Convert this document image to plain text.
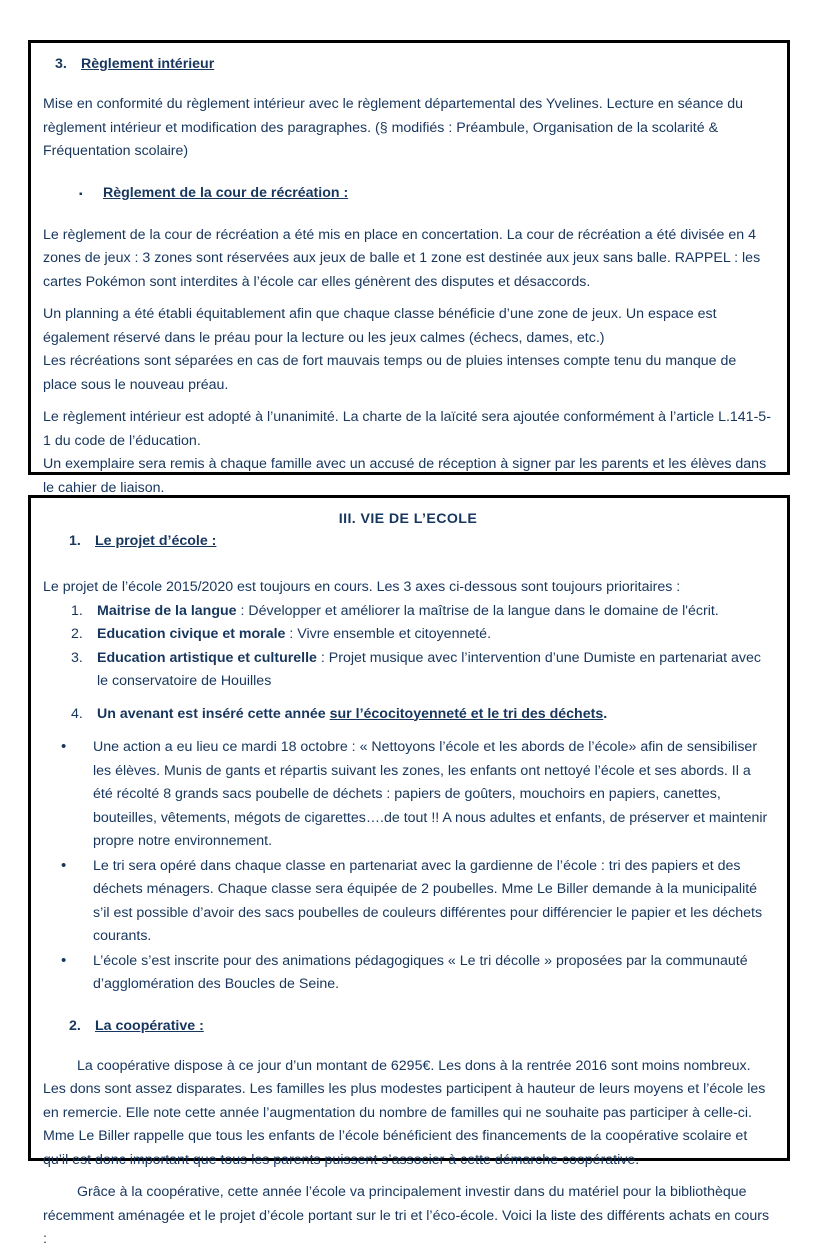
3. Règlement intérieur

Mise en conformité du règlement intérieur avec le règlement départemental des Yvelines. Lecture en séance du règlement intérieur et modification des paragraphes. (§ modifiés : Préambule, Organisation de la scolarité & Fréquentation scolaire)

▪	Règlement de la cour de récréation :

Le règlement de la cour de récréation a été mis en place en concertation. La cour de récréation a été divisée en 4 zones de jeux : 3 zones sont réservées aux jeux de balle et 1 zone est destinée aux jeux sans balle. RAPPEL : les cartes Pokémon sont interdites à l’école car elles génèrent des disputes et désaccords.

Un planning a été établi équitablement afin que chaque classe bénéficie d’une zone de jeux. Un espace est également réservé dans le préau pour la lecture ou les jeux calmes (échecs, dames, etc.)

Les récréations sont séparées en cas de fort mauvais temps ou de pluies intenses compte tenu du manque de place sous le nouveau préau.

Le règlement intérieur est adopté à l’unanimité. La charte de la laïcité sera ajoutée conformément à l’article L.141-5-1 du code de l’éducation.

Un exemplaire sera remis à chaque famille avec un accusé de réception à signer par les parents et les élèves dans le cahier de liaison.

III. VIE DE L’ECOLE
1. Le projet d’école :

Le projet de l’école 2015/2020 est toujours en cours. Les 3 axes ci-dessous sont toujours prioritaires :

1. Maitrise de la langue : Développer et améliorer la maîtrise de la langue dans le domaine de l'écrit.
2. Education civique et morale : Vivre ensemble et citoyenneté.
3. Education artistique et culturelle : Projet musique avec l’intervention d’une Dumiste en partenariat avec le conservatoire de Houilles
4. Un avenant est inséré cette année sur l’écocitoyenneté et le tri des déchets.
•	Une action a eu lieu ce mardi 18 octobre : « Nettoyons l’école et les abords de l’école» afin de sensibiliser les élèves. Munis de gants et répartis suivant les zones, les enfants ont nettoyé l’école et ses abords. Il a été récolté 8 grands sacs poubelle de déchets : papiers de goûters, mouchoirs en papiers, canettes, bouteilles, vêtements, mégots de cigarettes….de tout !! A nous adultes et enfants, de préserver et maintenir propre notre environnement.
•	Le tri sera opéré dans chaque classe en partenariat avec la gardienne de l’école : tri des papiers et des déchets ménagers. Chaque classe sera équipée de 2 poubelles. Mme Le Biller demande à la municipalité s’il est possible d’avoir des sacs poubelles de couleurs différentes pour différencier le papier et les déchets courants.
•	L’école s’est inscrite pour des animations pédagogiques « Le tri décolle » proposées par la communauté d’agglomération des Boucles de Seine.
2. La coopérative :

La coopérative dispose à ce jour d’un montant de 6295€. Les dons à la rentrée 2016 sont moins nombreux. Les dons sont assez disparates. Les familles les plus modestes participent à hauteur de leurs moyens et l’école les en remercie. Elle note cette année l’augmentation du nombre de familles qui ne souhaite pas participer à celle-ci. Mme Le Biller rappelle que tous les enfants de l’école bénéficient des financements de la coopérative scolaire et qu’il est donc important que tous les parents puissent s’associer à cette démarche coopérative.

Grâce à la coopérative, cette année l’école va principalement investir dans du matériel pour la bibliothèque récemment aménagée et le projet d’école portant sur le tri et l’éco-école. Voici la liste des différents achats en cours :
